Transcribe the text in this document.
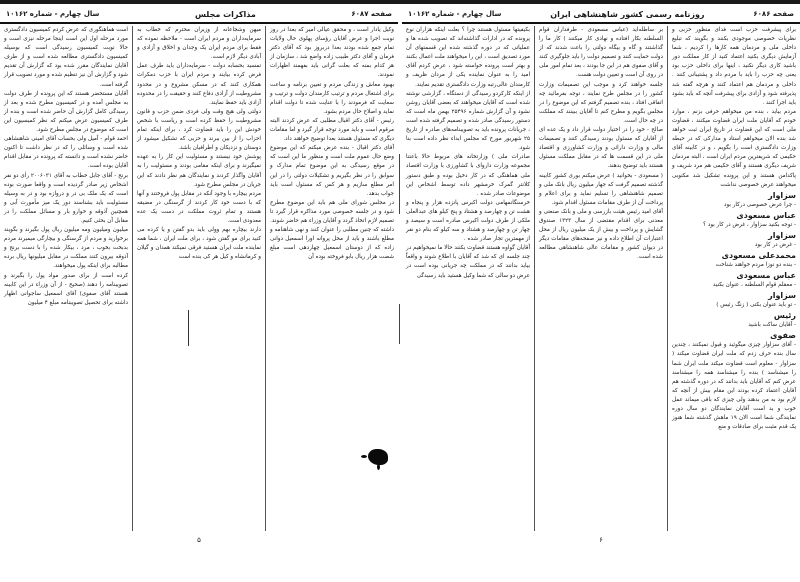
صفحه ۶۰۸۷
مذاکرات مجلس
سال چهارم - شماره ۱۰۱۶۲

وکیل یادار است ، و محقق عیالی امیر که بعدا در روز نوبت اجرا و عرض آقایان رؤسای پهلوی حال ولایات تمام جمع شده بودند بعدا دربروز بود که آقای دکتر فرمان و آقای دکتر طبیب زاده واضع شد ، سازمان از هر کدام بمنه که بعلت گرانی باید بفهمند اظهارات نمودند.

بهبود معاش و زندگی مردم و تعیین برنامه و ساعت برای اشتغال مردم و ترتیب کارمندان دولت و ترتیب و سعایت که فرمودند را با عنایت شده تا دولت اقدام نماید و اصلاح حال مردم بشود.

رئیس - آقای دکتر اقبال مطلبی که عرض کردند البته مرقوم است و باید مورد توجه قرار گیرد و اما مقامات دیگری که مسئول هستند بعدا توضیح خواهند داد.

آقای دکتر اقبال - بنده عرض میکنم که این موضوع وضع حال عموم ملت است و منظور ما این است که در موقع رسیدگی به این موضوع تمام مدارک و سوابق را در نظر بگیریم و تشکیلات دولتی را در این امر مطلع سازیم و هر کس که مسئول است باید جواب بدهد.

در مجلس شورای ملی هم باید این موضوع مطرح شود و در جلسه خصوصی مورد مذاکره قرار گیرد تا تصمیم لازم اتخاذ گردد و آقایان وزراء هم حاضر شوند.

داشته که چنین مطلبی را عنوان کنند و نهی شاهنامه و مطلع باشند و باید از محل پروانه اورا اسمعیل دوانی زاده که از دوستان اسمعیل چهاردهی است مبلغ شصت هزار ریال بابو فروخته بوده آن

میهن وشجاعانه از وزیران محترم که خطاب به سرمایه‌داران و مردم ایران است - ملاحظه نموده که فقط برای مردم ایران یک وجدان و اخلاق و آزادی و آبادی دیگر لازم است.

تمسید بحسابه دولت - سرمایه‌داران باید طرف عمل فرض کرده بیایند و مردم ایران با حزب دمکرات همکاری کنند که در مسکن مشروع و در محدود مشروطیت از آزادی دفاع کنند و حقیقت را در محدوده آزادی باید حفظ نمایند.

دولتی ولی هیچ وقت ولی فردی ضمن حزب و قانون مشروطیت را حفظ کرده است و ریاست با شخص خودش این را باید قضاوت کرد ، برای اینکه تمام احزاب را از بین ببرند و حزبی که تشکیل میشود از دوستان و نزدیکان و اطرافیان باشد.

پوشش خود نیستند و مسئولیت این کار را به عهده نمیگیرند و برای اینکه مقامی بودند و مسئولیت را به آقایان واگذار کردند و نمایندگان هم نظر دادند که این جریان در مجلس مطرح شود.

مردم بیچاره با وجود آنکه در مقابل پول فروختند و آنها که با دست خود کار کردند از گرسنگی در مضیقه هستند و تمام ثروت مملکت در دست یک عده معدودی است.

دارند بیچاره بهم وولی باید بدو گفتن و یا کرده می کنید برای مو گفتن شود ، برای ملت ایران ، شما همه نماینده ملت ایران هستید فرقی نمیکند همدان و گیلان و کرمانشاه و کیل هر کی بنده است

است هماهنگوری که عرض کردم کمیسیون دادگستری مورد مرحله اول این است اینجا مرحله نیزی است و حالا نوبت کمیسیون رسیدگی است که بوسیله کمیسیون دادگستری مطالعه شده است و از طرف آقایان نمایندگان مقرر شده بود که گزارش آن تقدیم شود و گزارش آن نیز تنظیم شده و مورد تصویب قرار گرفته است.

آقایان مستحضر هستند که این پرونده از طرف دولت به مجلس آمده و در کمیسیون مطرح شده و بعد از رسیدگی کامل گزارش آن حاضر شده است و بنده از طرف کمیسیون عرض میکنم که نظر کمیسیون این است که موضوع در مجلس مطرح شود.

احمد قوام - آمیل ولی بحساب آقای امینی شاهنشاهی شده است و وسائلی را که در نظر داشت تا اکنون حاضر نشده است و دانسته که پرونده در مقابل اقدام آقایان بوده است.

برنج - آقای جابل خطاب به آقای ۲۰۰۶۰۳۱ رأی دو نفر اشخاص زیر صادر گردیده است و واقعا صورت بوده است که یک ملک بی در و دروازه بود و در به وسیله مسئولیت باید بشناسند دور یک میز مأمورت آبی و همچنین آذوقه و خوارو بار و مسائل مملکت را در مقابل آن بحثی کنیم.

میلیون ومیلیون ومه میلیون ریال پول بگیرند و بگویند برخوارید و مردم از گرسنگی و بیچارگی میمیرند مردم بدبخت بخوب ، مرد ، بیکار شده را با دست برنج و آذوقه بیرون کنند مملکت در مقابل میلیونها ریال برده مطالبه برای اینکه پول میخواهند.

کرده است از برای صدور مواد پول را بگیرند و تصویبنامه را دهند (صحیح - از آن وزراء در این کابینه هستند آقای صفوی) آقای اسمعیل ساجوانی اظهار داشته برای تحصیل تصویبنامه مبلغ ۴ میلیون

۵
صفحه ۶۰۸۶
روزنامه رسمی کشور شاهنشاهی ایران
سال چهارم - شماره ۱۰۱۶۲

برای پیشرفت حزب است فدای منظور حزبی و نظریات خصوصی موجودی بکنند و بگویند که تبلیغ داخلی ملی و مردمان همه کارها را کردیم ، شما آزمایش دیگری بکنید اعتماد کنید از کار مملکت دور باشید کاری دیگر نکنید ، اینها برای داخلی حزب بود یعنی چه حزب را باید با مردم داد و پشتیبانی کنند . داخلی و مردمان هم اعتماد کنند و هرچه گفته شد پذیرفته شود و آزادی برای پیشرفت آنچه که باید بشود باید اجرا کنند .

مردم بیاید ، بنده من میخواهم حرفی بزنم ، موارد خودم که آقایان ملت ایران قضاوت میکنند ، قضاوت ملی است که این قضاوت در تاریخ ایران ثبت خواهد شد بنده الان میخواهم استاد و مدارکی که در حیطه وزارت دادگستری است را بگویم ، و در کابینه آقای حکیمی که شریفترین مردم ایران است ، البته مردمان شریف دیگری هستند و آقای حکیمی هم مرد شریف و پاکدامن هستند و این پرونده تشکیل شد مکتوبی میخواهند عرض خصوصی نداشت

سزاوار
- چرا عرض خصوصی درکار بود

عباس مسعودی
- توجه بکنید سزاوار ، غرض در کار بود ؟

سزاوار
- غرض در کار بود

محمدعلی مسعودی
- بنده دو نوزا مردم خواهند شناخت

عباس مسعودی
- معقلم قوام السلطنه ، عنوان بکنید

سزاوار
- تو باید عنوان بکنی ( زنگ رئیس )

رئیس
- آقایان ساکت باشید

صفوی
- آقای سزاوار چیزی میگوئید و قبول نمیکنند ، چندین سال بنده حرف زدم که ملت ایران قضاوت میکند ( سزاوار - معلوم است قضاوت میکند ملت ایران شما را میشناسد ) بنده را میشناسد همه را میشناسد عرض کنم که آقایان باید بدانند که در دوره گذشته هم آقایان اعتماد کرده بودند این مقام بیش از آنچه که لازم بود به من بدهند ولی چیزی که باقی میماند عمل خوب و بد است آقایان نمایندگان دو سال دوره نمایندگی شما است الان ۱۹ ماهش گذشته شما هنوز یک قدم مثبت برای صادقات و منع

بر ساطله‌اید (عباس مسعودی - طرفداران قوام السلطنه بکار افتاده و نهادی کار میکنند ) کار ما را گذاشتند و گاه و بیگاه دولتی را باعث شدند که از دولت حمایت کنند و تصمیم دولت را باید جلوگیری کنند و آقای صفوی هم در این جا بودند ، بعد تمام امور ملی در روی آن است و تعیین دولت هست.

جلسه خواهند کرد و موجب این تصمیمات وزارت کشور را در مجلس طرح نمایند ، توجه بفرمائید چه اتفاقی افتاد ، بنده تصمیم گرفتم که این موضوع را در مجلس بگویم و مطرح کنم تا آقایان ببینند که مملکت در چه حال است.

صالح - خود را در اختیار دولت قرار داد و یک عده ای از آقایان که مسئول بودند رسیدگی کنند و تصمیمات مالی و وزارت دارائی و وزارت کشاورزی و اقتصاد ملی در این قسمت ها که در مقابل مملکت مسئول هستند باید توضیح بدهند.

( مسعودی - بخوانید ) عرض میکنم بوری کشور کابینه گذشته تصمیم گرفت که جهار میلیون ریال بانک ملی و تصمیم شاهنشاهی را تسلیم نماید و برای اعلام و پرداخت آن از طرف مقامات مسئول اقدام شود.

آقای امید رئیس هیئت بازرسی و ملی و بانک صنعتی و معدنی برای اقدام مقتضی از سال ۱۳۲۳ صندوق گشایش و پرداخت و بیش از یک میلیون ریال از محل اعتبارات آن اطلاع داده و نیز صفحه‌های مقامات دیگر در دیوان کشور و مقامات عالی شاهنشاهی مطالعه شده است.

بکیفیتها مسئول هستند چرا ؟ بعلت اینکه هزاران نوع پرونده که در ادارات گذاشته‌اند که تصویب شده ها و عملیاتی که در دوره گذشته شده این قسمتهای آن مورد تصدیق است ، این را میخواهند ملت اعمال بکنند و بهتر است پرونده خواسته شود ، عرض کردم آقای امید را به عنوان نماینده یکی از مردان ظریف و کارمندان عالی‌رتبه وزارت دادگستری تقدیم نمایند.

از اینکه کارکردو رسیدگی از دستگاه ، گزارشی نوشته شده است که آقایان میخواهند که بعضی آقایان روشن نشود و آن گزارش شماره ۲۵۴۹۶ بهمن ماه است که دستور رسیدگی صادر شده و تصمیم گرفته شده است ، جریانات پرونده باید به تصویبنامه‌های صادره از تاریخ ۲۵ شهریور مورخ که مجلس ابداء نظر داده است بنا شود.

صادرات ملی ) وزارتخانه های مربوط حالا باعتنا مجموعه وزارت داروای با کشاورزی با وزارت اقتصاد ملی هماهنگی که در کار دخیل بوده و طبق دستور کلانتر گمرک خرمشهر داده توسط اشخاص این موضوعات صادر شده .

خرسنگانمهامی دولت اکبرس پانزده هزار و پنجاه و هشت تن و چهارصد و هشتاد و پنج کیلو های عبدالعلی ملکی از طرف دولت اکبرس صادره است و سیصد و چهار تن و چهارصد و هشتاد و سه کیلو که بنام دو نفر از مهمترین تجار صادر شده .

آقایان گواوه هستند قضاوت بکنند حالا ما نمیخواهیم در چند جلسه ای که شد که آقایان با اطلاع شوند و واقعاً بیاید بدانند که در مملکت چه جریانی بوده است در عرض دو سالی که شما وکیل هستید باید رسیدگی

۶
